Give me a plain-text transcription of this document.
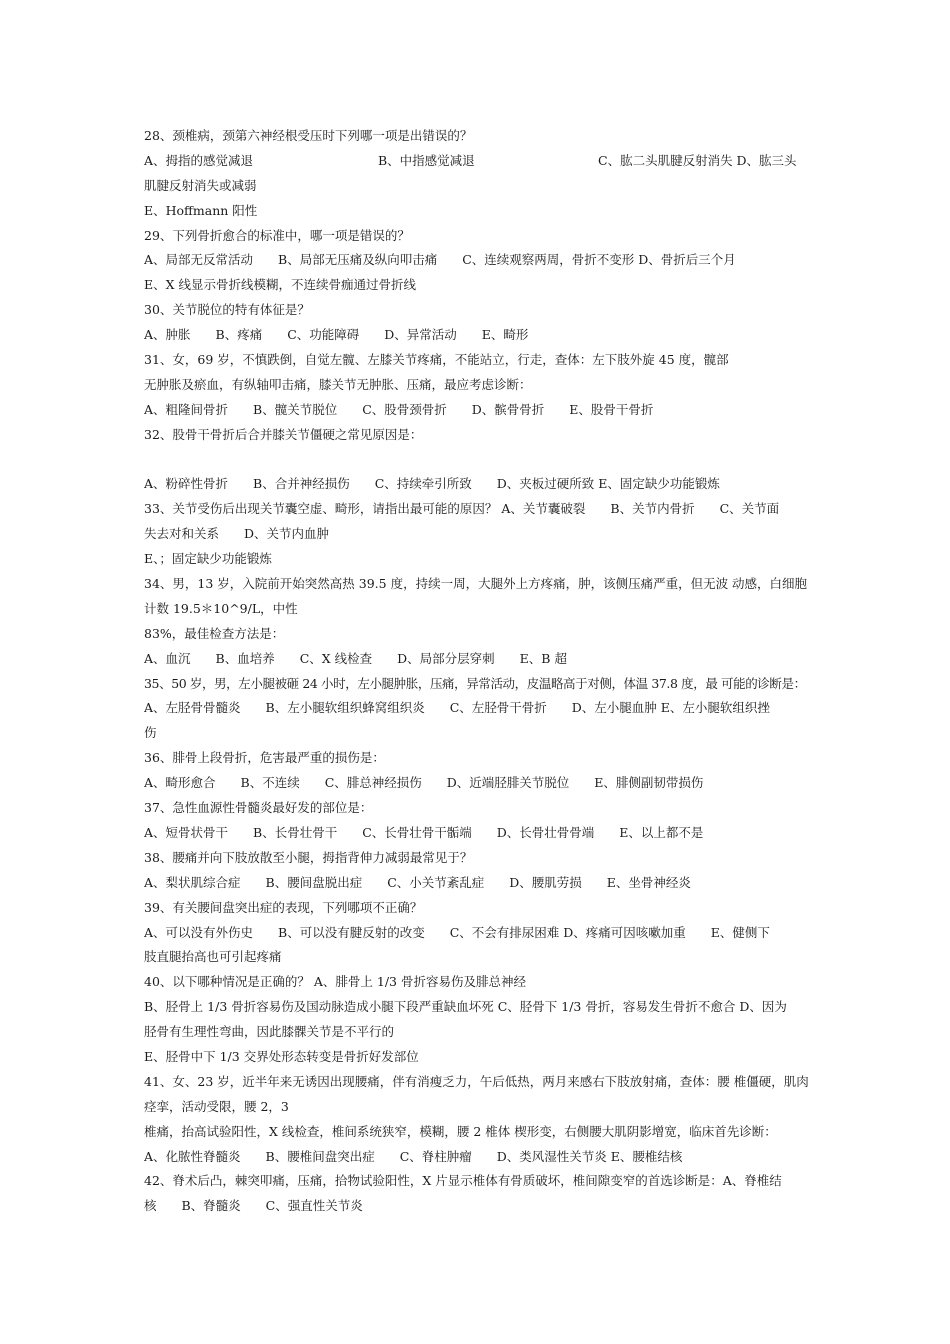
28、颈椎病，颈第六神经根受压时下列哪一项是出错误的？
A、拇指的感觉减退	B、中指感觉减退	C、肱二头肌腱反射消失 D、肱三头
肌腱反射消失或减弱
E、Hoffmann 阳性
29、下列骨折愈合的标准中，哪一项是错误的？
A、局部无反常活动　　B、局部无压痛及纵向叩击痛　　C、连续观察两周，骨折不变形 D、骨折后三个月
E、X 线显示骨折线模糊，不连续骨痂通过骨折线
30、关节脱位的特有体征是？
A、肿胀　　B、疼痛　　C、功能障碍　　D、异常活动　　E、畸形
31、女，69 岁，不慎跌倒，自觉左髋、左膝关节疼痛，不能站立，行走，查体：左下肢外旋 45 度，髋部
无肿胀及瘀血，有纵轴叩击痛，膝关节无肿胀、压痛，最应考虑诊断：
A、粗隆间骨折　　B、髋关节脱位　　C、股骨颈骨折　　D、髌骨骨折　　E、股骨干骨折
32、股骨干骨折后合并膝关节僵硬之常见原因是：
A、粉碎性骨折　　B、合并神经损伤　　C、持续牵引所致　　D、夹板过硬所致 E、固定缺少功能锻炼
33、关节受伤后出现关节囊空虚、畸形，请指出最可能的原因？ A、关节囊破裂　　B、关节内骨折　　C、关节面
失去对和关系　　D、关节内血肿
E、；固定缺少功能锻炼
34、男，13 岁，入院前开始突然高热 39.5 度，持续一周，大腿外上方疼痛，肿，该侧压痛严重，但无波 动感，白细胞
计数 19.5＊10^9/L，中性
83%，最佳检查方法是：
A、血沉　　B、血培养　　C、X 线检查　　D、局部分层穿刺　　E、B 超
35、50 岁，男，左小腿被砸 24 小时，左小腿肿胀，压痛，异常活动，皮温略高于对侧，体温 37.8 度，最 可能的诊断是：
A、左胫骨骨髓炎　　B、左小腿软组织蜂窝组织炎　　C、左胫骨干骨折　　D、左小腿血肿 E、左小腿软组织挫
伤
36、腓骨上段骨折，危害最严重的损伤是：
A、畸形愈合　　B、不连续　　C、腓总神经损伤　　D、近端胫腓关节脱位　　E、腓侧副韧带损伤
37、急性血源性骨髓炎最好发的部位是：
A、短骨状骨干　　B、长骨壮骨干　　C、长骨壮骨干骺端　　D、长骨壮骨骨端　　E、以上都不是
38、腰痛并向下肢放散至小腿，拇指背伸力减弱最常见于？
A、梨状肌综合症　　B、腰间盘脱出症　　C、小关节紊乱症　　D、腰肌劳损　　E、坐骨神经炎
39、有关腰间盘突出症的表现，下列哪项不正确？
A、可以没有外伤史　　B、可以没有腱反射的改变　　C、不会有排尿困难 D、疼痛可因咳嗽加重　　E、健侧下
肢直腿抬高也可引起疼痛
40、以下哪种情况是正确的？ A、腓骨上 1/3 骨折容易伤及腓总神经
B、胫骨上 1/3 骨折容易伤及国动脉造成小腿下段严重缺血坏死 C、胫骨下 1/3 骨折，容易发生骨折不愈合 D、因为
胫骨有生理性弯曲，因此膝髁关节是不平行的
E、胫骨中下 1/3 交界处形态转变是骨折好发部位
41、女、23 岁，近半年来无诱因出现腰痛，伴有消瘦乏力，午后低热，两月来感右下肢放射痛，查体：腰 椎僵硬，肌肉
痉挛，活动受限，腰 2，3
椎痛，抬高试验阳性，X 线检查，椎间系统狭窄，模糊，腰 2 椎体 楔形变，右侧腰大肌阴影增宽，临床首先诊断：
A、化脓性脊髓炎　　B、腰椎间盘突出症　　C、脊柱肿瘤　　D、类风湿性关节炎 E、腰椎结核
42、脊术后凸，棘突叩痛，压痛，拾物试验阳性，X 片显示椎体有骨质破坏，椎间隙变窄的首选诊断是：A、脊椎结
核　　B、脊髓炎　　C、强直性关节炎
